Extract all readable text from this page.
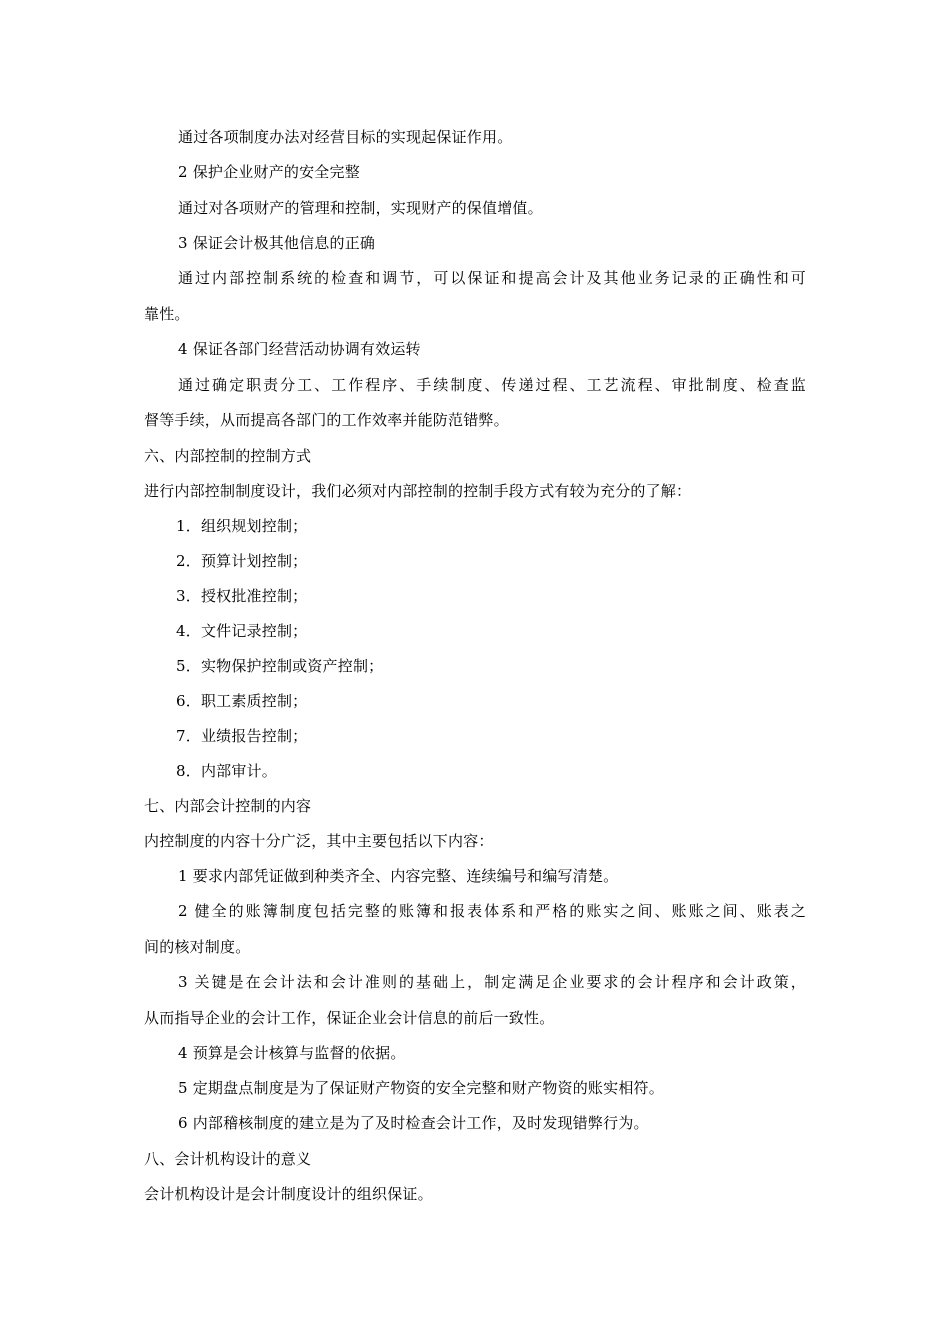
通过各项制度办法对经营目标的实现起保证作用。
2 保护企业财产的安全完整
通过对各项财产的管理和控制，实现财产的保值增值。
3 保证会计极其他信息的正确
通过内部控制系统的检查和调节，可以保证和提高会计及其他业务记录的正确性和可
靠性。
4 保证各部门经营活动协调有效运转
通过确定职责分工、工作程序、手续制度、传递过程、工艺流程、审批制度、检查监
督等手续，从而提高各部门的工作效率并能防范错弊。
六、内部控制的控制方式
进行内部控制制度设计，我们必须对内部控制的控制手段方式有较为充分的了解：
1．组织规划控制；
2．预算计划控制；
3．授权批准控制；
4．文件记录控制；
5．实物保护控制或资产控制；
6．职工素质控制；
7．业绩报告控制；
8．内部审计。
七、内部会计控制的内容
内控制度的内容十分广泛，其中主要包括以下内容：
1 要求内部凭证做到种类齐全、内容完整、连续编号和编写清楚。
2 健全的账簿制度包括完整的账簿和报表体系和严格的账实之间、账账之间、账表之
间的核对制度。
3 关键是在会计法和会计准则的基础上，制定满足企业要求的会计程序和会计政策，
从而指导企业的会计工作，保证企业会计信息的前后一致性。
4 预算是会计核算与监督的依据。
5 定期盘点制度是为了保证财产物资的安全完整和财产物资的账实相符。
6 内部稽核制度的建立是为了及时检查会计工作，及时发现错弊行为。
八、会计机构设计的意义
会计机构设计是会计制度设计的组织保证。
